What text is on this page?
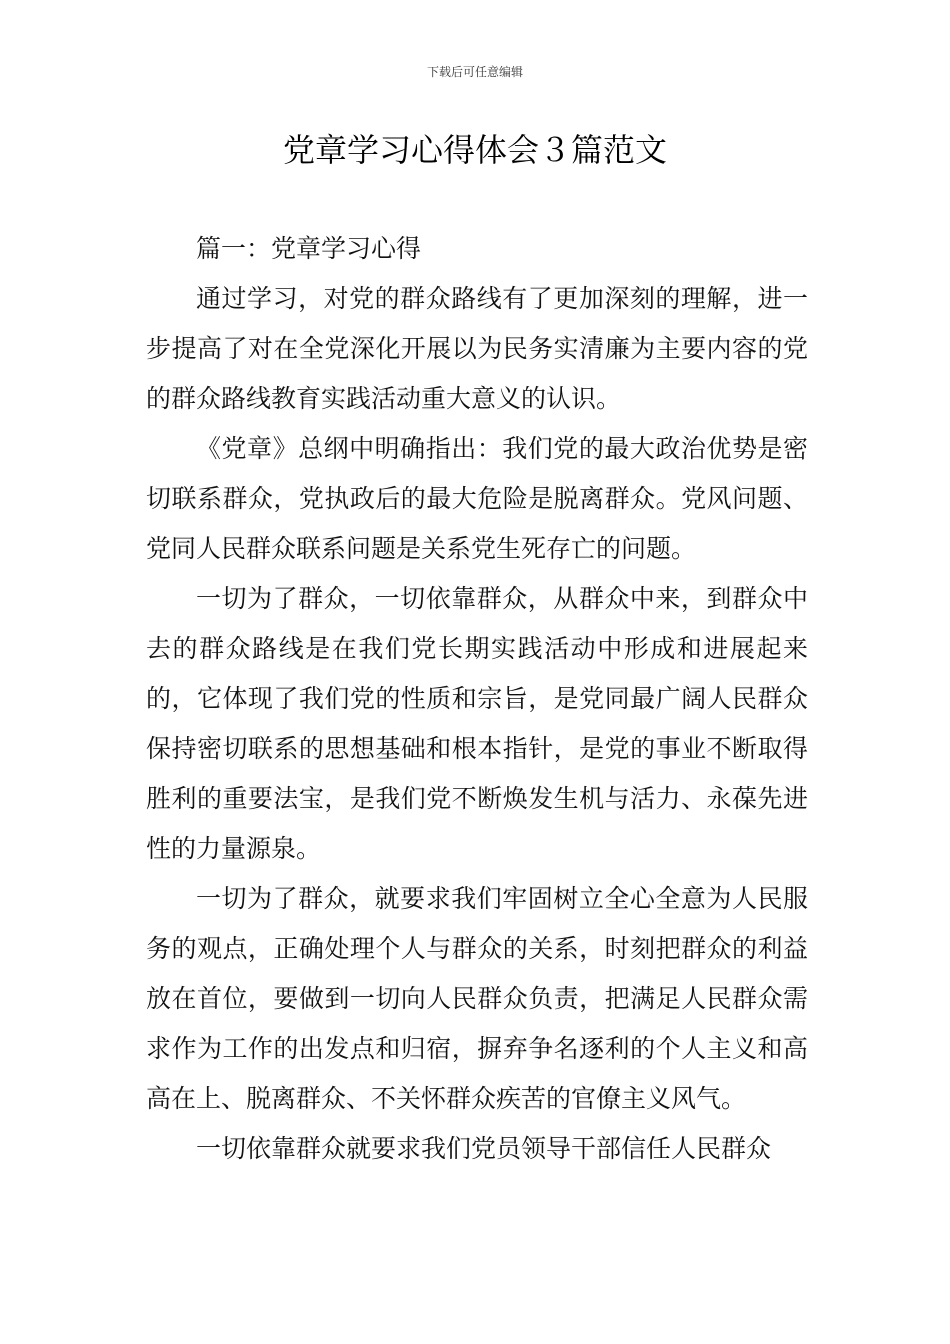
下载后可任意编辑
党章学习心得体会３篇范文

篇一：党章学习心得

通过学习，对党的群众路线有了更加深刻的理解，进一步提高了对在全党深化开展以为民务实清廉为主要内容的党的群众路线教育实践活动重大意义的认识。

《党章》总纲中明确指出：我们党的最大政治优势是密切联系群众，党执政后的最大危险是脱离群众。党风问题、党同人民群众联系问题是关系党生死存亡的问题。

一切为了群众，一切依靠群众，从群众中来，到群众中去的群众路线是在我们党长期实践活动中形成和进展起来的，它体现了我们党的性质和宗旨，是党同最广阔人民群众保持密切联系的思想基础和根本指针，是党的事业不断取得胜利的重要法宝，是我们党不断焕发生机与活力、永葆先进性的力量源泉。

一切为了群众，就要求我们牢固树立全心全意为人民服务的观点，正确处理个人与群众的关系，时刻把群众的利益放在首位，要做到一切向人民群众负责，把满足人民群众需求作为工作的出发点和归宿，摒弃争名逐利的个人主义和高高在上、脱离群众、不关怀群众疾苦的官僚主义风气。

一切依靠群众就要求我们党员领导干部信任人民群众
